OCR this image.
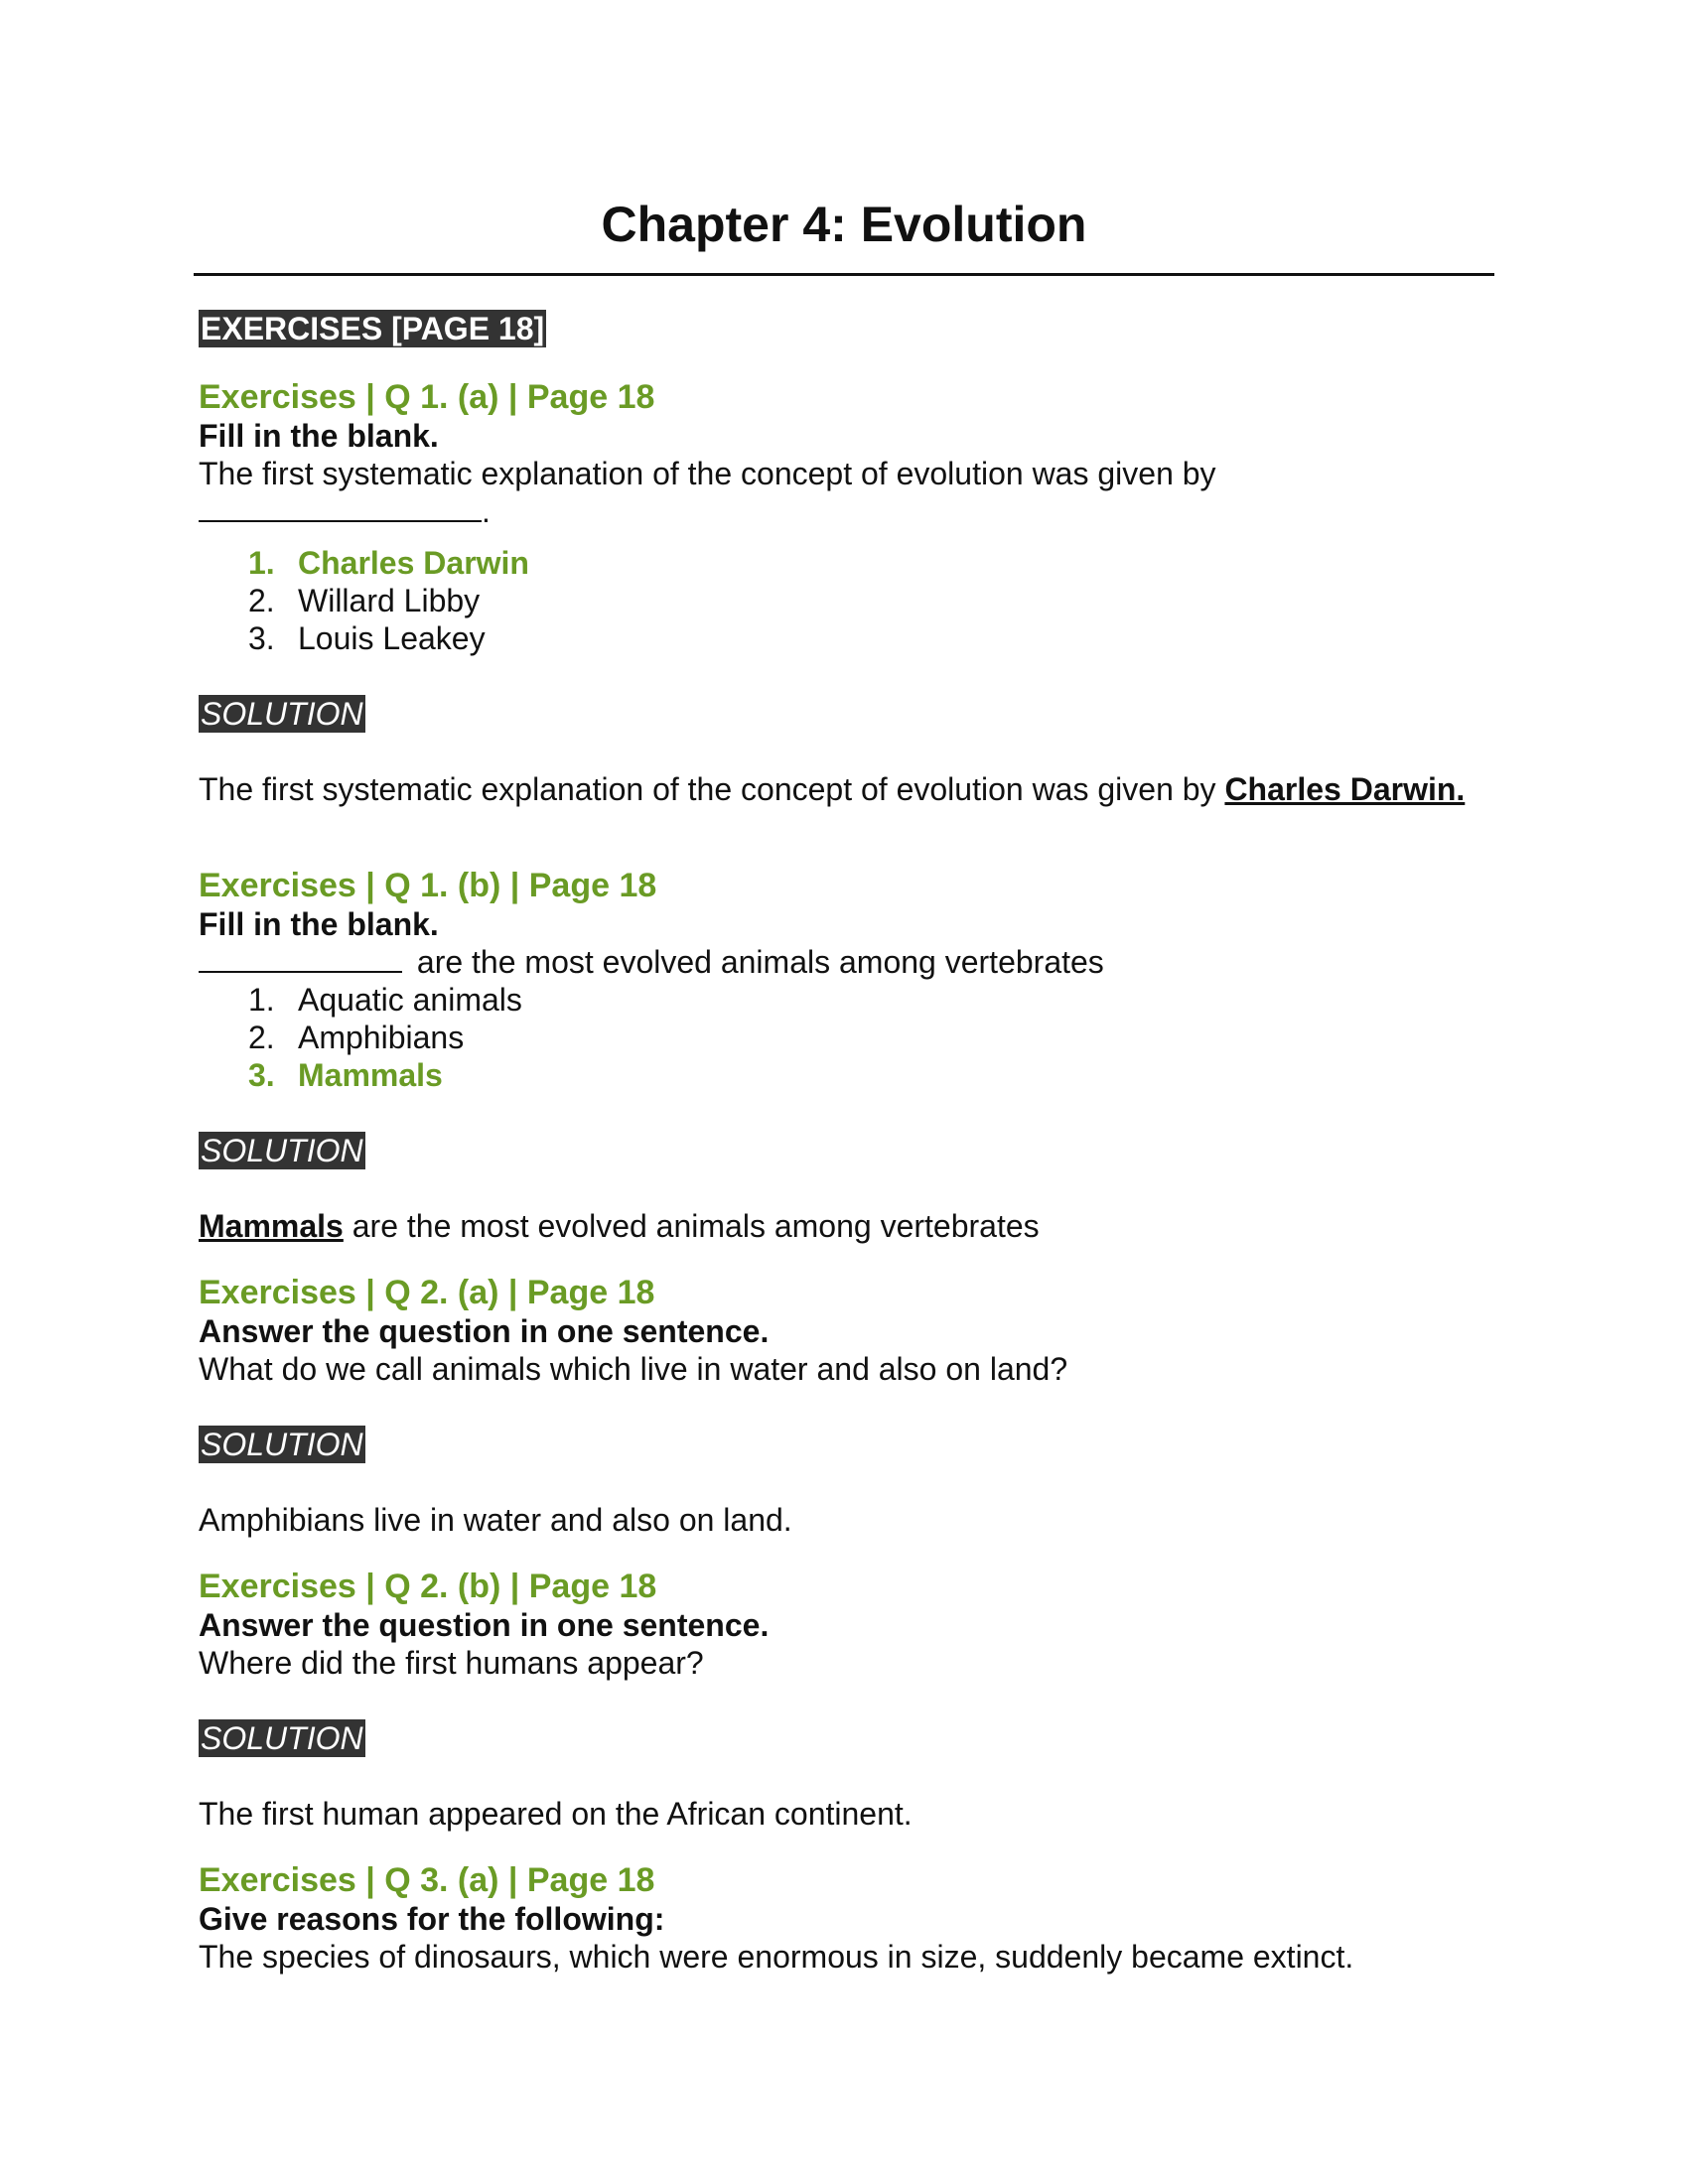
Chapter 4: Evolution
EXERCISES [PAGE 18]

Exercises | Q 1. (a) | Page 18

Fill in the blank.

The first systematic explanation of the concept of evolution was given by

.

1. Charles Darwin
2. Willard Libby
3. Louis Leakey
SOLUTION

The first systematic explanation of the concept of evolution was given by Charles Darwin.

Exercises | Q 1. (b) | Page 18

Fill in the blank.

are the most evolved animals among vertebrates

1. Aquatic animals
2. Amphibians
3. Mammals
SOLUTION

Mammals are the most evolved animals among vertebrates

Exercises | Q 2. (a) | Page 18

Answer the question in one sentence.

What do we call animals which live in water and also on land?

SOLUTION

Amphibians live in water and also on land.

Exercises | Q 2. (b) | Page 18

Answer the question in one sentence.

Where did the first humans appear?

SOLUTION

The first human appeared on the African continent.

Exercises | Q 3. (a) | Page 18

Give reasons for the following:

The species of dinosaurs, which were enormous in size, suddenly became extinct.
